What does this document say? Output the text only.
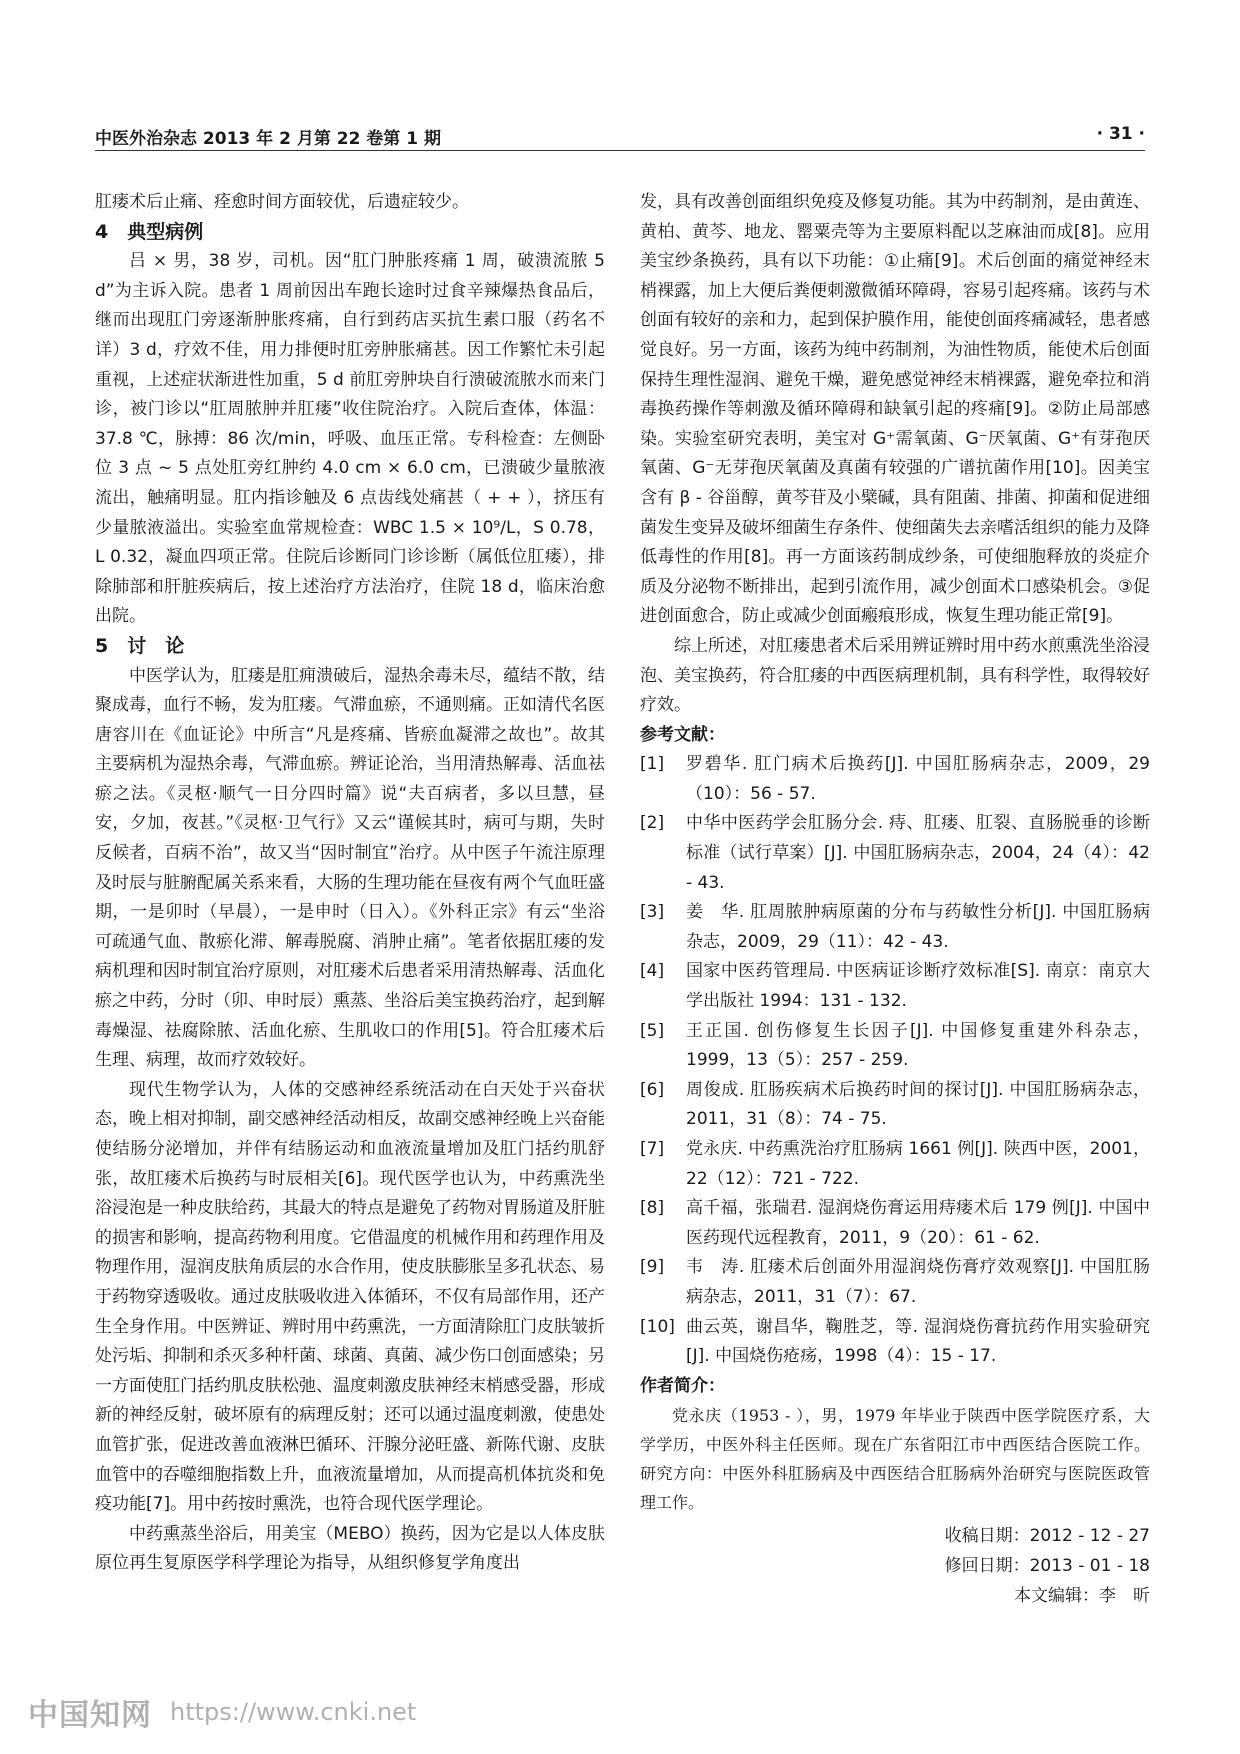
中医外治杂志 2013 年 2 月第 22 卷第 1 期	· 31 ·

肛瘘术后止痛、痊愈时间方面较优，后遗症较少。

4　典型病例

吕 × 男，38 岁，司机。因“肛门肿胀疼痛 1 周，破溃流脓 5 d”为主诉入院。患者 1 周前因出车跑长途时过食辛辣爆热食品后，继而出现肛门旁逐渐肿胀疼痛，自行到药店买抗生素口服（药名不详）3 d，疗效不佳，用力排便时肛旁肿胀痛甚。因工作繁忙未引起重视，上述症状渐进性加重，5 d 前肛旁肿块自行溃破流脓水而来门诊，被门诊以“肛周脓肿并肛瘘”收住院治疗。入院后查体，体温：37.8 ℃，脉搏：86 次/min，呼吸、血压正常。专科检查：左侧卧位 3 点 ~ 5 点处肛旁红肿约 4.0 cm × 6.0 cm，已溃破少量脓液流出，触痛明显。肛内指诊触及 6 点齿线处痛甚（ + + ），挤压有少量脓液溢出。实验室血常规检查：WBC 1.5 × 10⁹/L，S 0.78，L 0.32，凝血四项正常。住院后诊断同门诊诊断（属低位肛瘘），排除肺部和肝脏疾病后，按上述治疗方法治疗，住院 18 d，临床治愈出院。

5　讨　论

中医学认为，肛瘘是肛痈溃破后，湿热余毒未尽，蕴结不散，结聚成毒，血行不畅，发为肛瘘。气滞血瘀，不通则痛。正如清代名医唐容川在《血证论》中所言“凡是疼痛、皆瘀血凝滞之故也”。故其主要病机为湿热余毒，气滞血瘀。辨证论治，当用清热解毒、活血祛瘀之法。《灵枢·顺气一日分四时篇》说“夫百病者，多以旦慧，昼安，夕加，夜甚。”《灵枢·卫气行》又云“谨候其时，病可与期，失时反候者，百病不治”，故又当“因时制宜”治疗。从中医子午流注原理及时辰与脏腑配属关系来看，大肠的生理功能在昼夜有两个气血旺盛期，一是卯时（早晨），一是申时（日入）。《外科正宗》有云“坐浴可疏通气血、散瘀化滞、解毒脱腐、消肿止痛”。笔者依据肛瘘的发病机理和因时制宜治疗原则，对肛瘘术后患者采用清热解毒、活血化瘀之中药，分时（卯、申时辰）熏蒸、坐浴后美宝换药治疗，起到解毒燥湿、祛腐除脓、活血化瘀、生肌收口的作用[5]。符合肛瘘术后生理、病理，故而疗效较好。

现代生物学认为，人体的交感神经系统活动在白天处于兴奋状态，晚上相对抑制，副交感神经活动相反，故副交感神经晚上兴奋能使结肠分泌增加，并伴有结肠运动和血液流量增加及肛门括约肌舒张，故肛瘘术后换药与时辰相关[6]。现代医学也认为，中药熏洗坐浴浸泡是一种皮肤给药，其最大的特点是避免了药物对胃肠道及肝脏的损害和影响，提高药物利用度。它借温度的机械作用和药理作用及物理作用，湿润皮肤角质层的水合作用，使皮肤膨胀呈多孔状态、易于药物穿透吸收。通过皮肤吸收进入体循环，不仅有局部作用，还产生全身作用。中医辨证、辨时用中药熏洗，一方面清除肛门皮肤皱折处污垢、抑制和杀灭多种杆菌、球菌、真菌、减少伤口创面感染；另一方面使肛门括约肌皮肤松弛、温度刺激皮肤神经末梢感受器，形成新的神经反射，破坏原有的病理反射；还可以通过温度刺激，使患处血管扩张，促进改善血液淋巴循环、汗腺分泌旺盛、新陈代谢、皮肤血管中的吞噬细胞指数上升，血液流量增加，从而提高机体抗炎和免疫功能[7]。用中药按时熏洗，也符合现代医学理论。

中药熏蒸坐浴后，用美宝（MEBO）换药，因为它是以人体皮肤原位再生复原医学科学理论为指导，从组织修复学角度出

发，具有改善创面组织免疫及修复功能。其为中药制剂，是由黄连、黄柏、黄芩、地龙、罂粟壳等为主要原料配以芝麻油而成[8]。应用美宝纱条换药，具有以下功能：①止痛[9]。术后创面的痛觉神经末梢裸露，加上大便后粪便刺激微循环障碍，容易引起疼痛。该药与术创面有较好的亲和力，起到保护膜作用，能使创面疼痛减轻，患者感觉良好。另一方面，该药为纯中药制剂，为油性物质，能使术后创面保持生理性湿润、避免干燥，避免感觉神经末梢裸露，避免牵拉和消毒换药操作等刺激及循环障碍和缺氧引起的疼痛[9]。②防止局部感染。实验室研究表明，美宝对 G⁺需氧菌、G⁻厌氧菌、G⁺有芽孢厌氧菌、G⁻无芽孢厌氧菌及真菌有较强的广谱抗菌作用[10]。因美宝含有 β - 谷甾醇，黄芩苷及小檗碱，具有阻菌、排菌、抑菌和促进细菌发生变异及破坏细菌生存条件、使细菌失去亲嗜活组织的能力及降低毒性的作用[8]。再一方面该药制成纱条，可使细胞释放的炎症介质及分泌物不断排出，起到引流作用，减少创面术口感染机会。③促进创面愈合，防止或减少创面瘢痕形成，恢复生理功能正常[9]。

综上所述，对肛瘘患者术后采用辨证辨时用中药水煎熏洗坐浴浸泡、美宝换药，符合肛瘘的中西医病理机制，具有科学性，取得较好疗效。

参考文献：

[1]	罗碧华. 肛门病术后换药[J]. 中国肛肠病杂志，2009，29（10）：56 - 57.
[2]	中华中医药学会肛肠分会. 痔、肛瘘、肛裂、直肠脱垂的诊断标准（试行草案）[J]. 中国肛肠病杂志，2004，24（4）：42 - 43.
[3]	姜　华. 肛周脓肿病原菌的分布与药敏性分析[J]. 中国肛肠病杂志，2009，29（11）：42 - 43.
[4]	国家中医药管理局. 中医病证诊断疗效标准[S]. 南京：南京大学出版社 1994：131 - 132.
[5]	王正国. 创伤修复生长因子[J]. 中国修复重建外科杂志，1999，13（5）：257 - 259.
[6]	周俊成. 肛肠疾病术后换药时间的探讨[J]. 中国肛肠病杂志，2011，31（8）：74 - 75.
[7]	党永庆. 中药熏洗治疗肛肠病 1661 例[J]. 陕西中医，2001，22（12）：721 - 722.
[8]	高千福，张瑞君. 湿润烧伤膏运用痔瘘术后 179 例[J]. 中国中医药现代远程教育，2011，9（20）：61 - 62.
[9]	韦　涛. 肛瘘术后创面外用湿润烧伤膏疗效观察[J]. 中国肛肠病杂志，2011，31（7）：67.
[10] 曲云英，谢昌华，鞠胜芝，等. 湿润烧伤膏抗药作用实验研究[J]. 中国烧伤疮疡，1998（4）：15 - 17.

作者简介：

党永庆（1953 - ），男，1979 年毕业于陕西中医学院医疗系，大学学历，中医外科主任医师。现在广东省阳江市中西医结合医院工作。研究方向：中医外科肛肠病及中西医结合肛肠病外治研究与医院医政管理工作。

收稿日期：2012 - 12 - 27
修回日期：2013 - 01 - 18
本文编辑：李　昕
中国知网 https://www.cnki.net
